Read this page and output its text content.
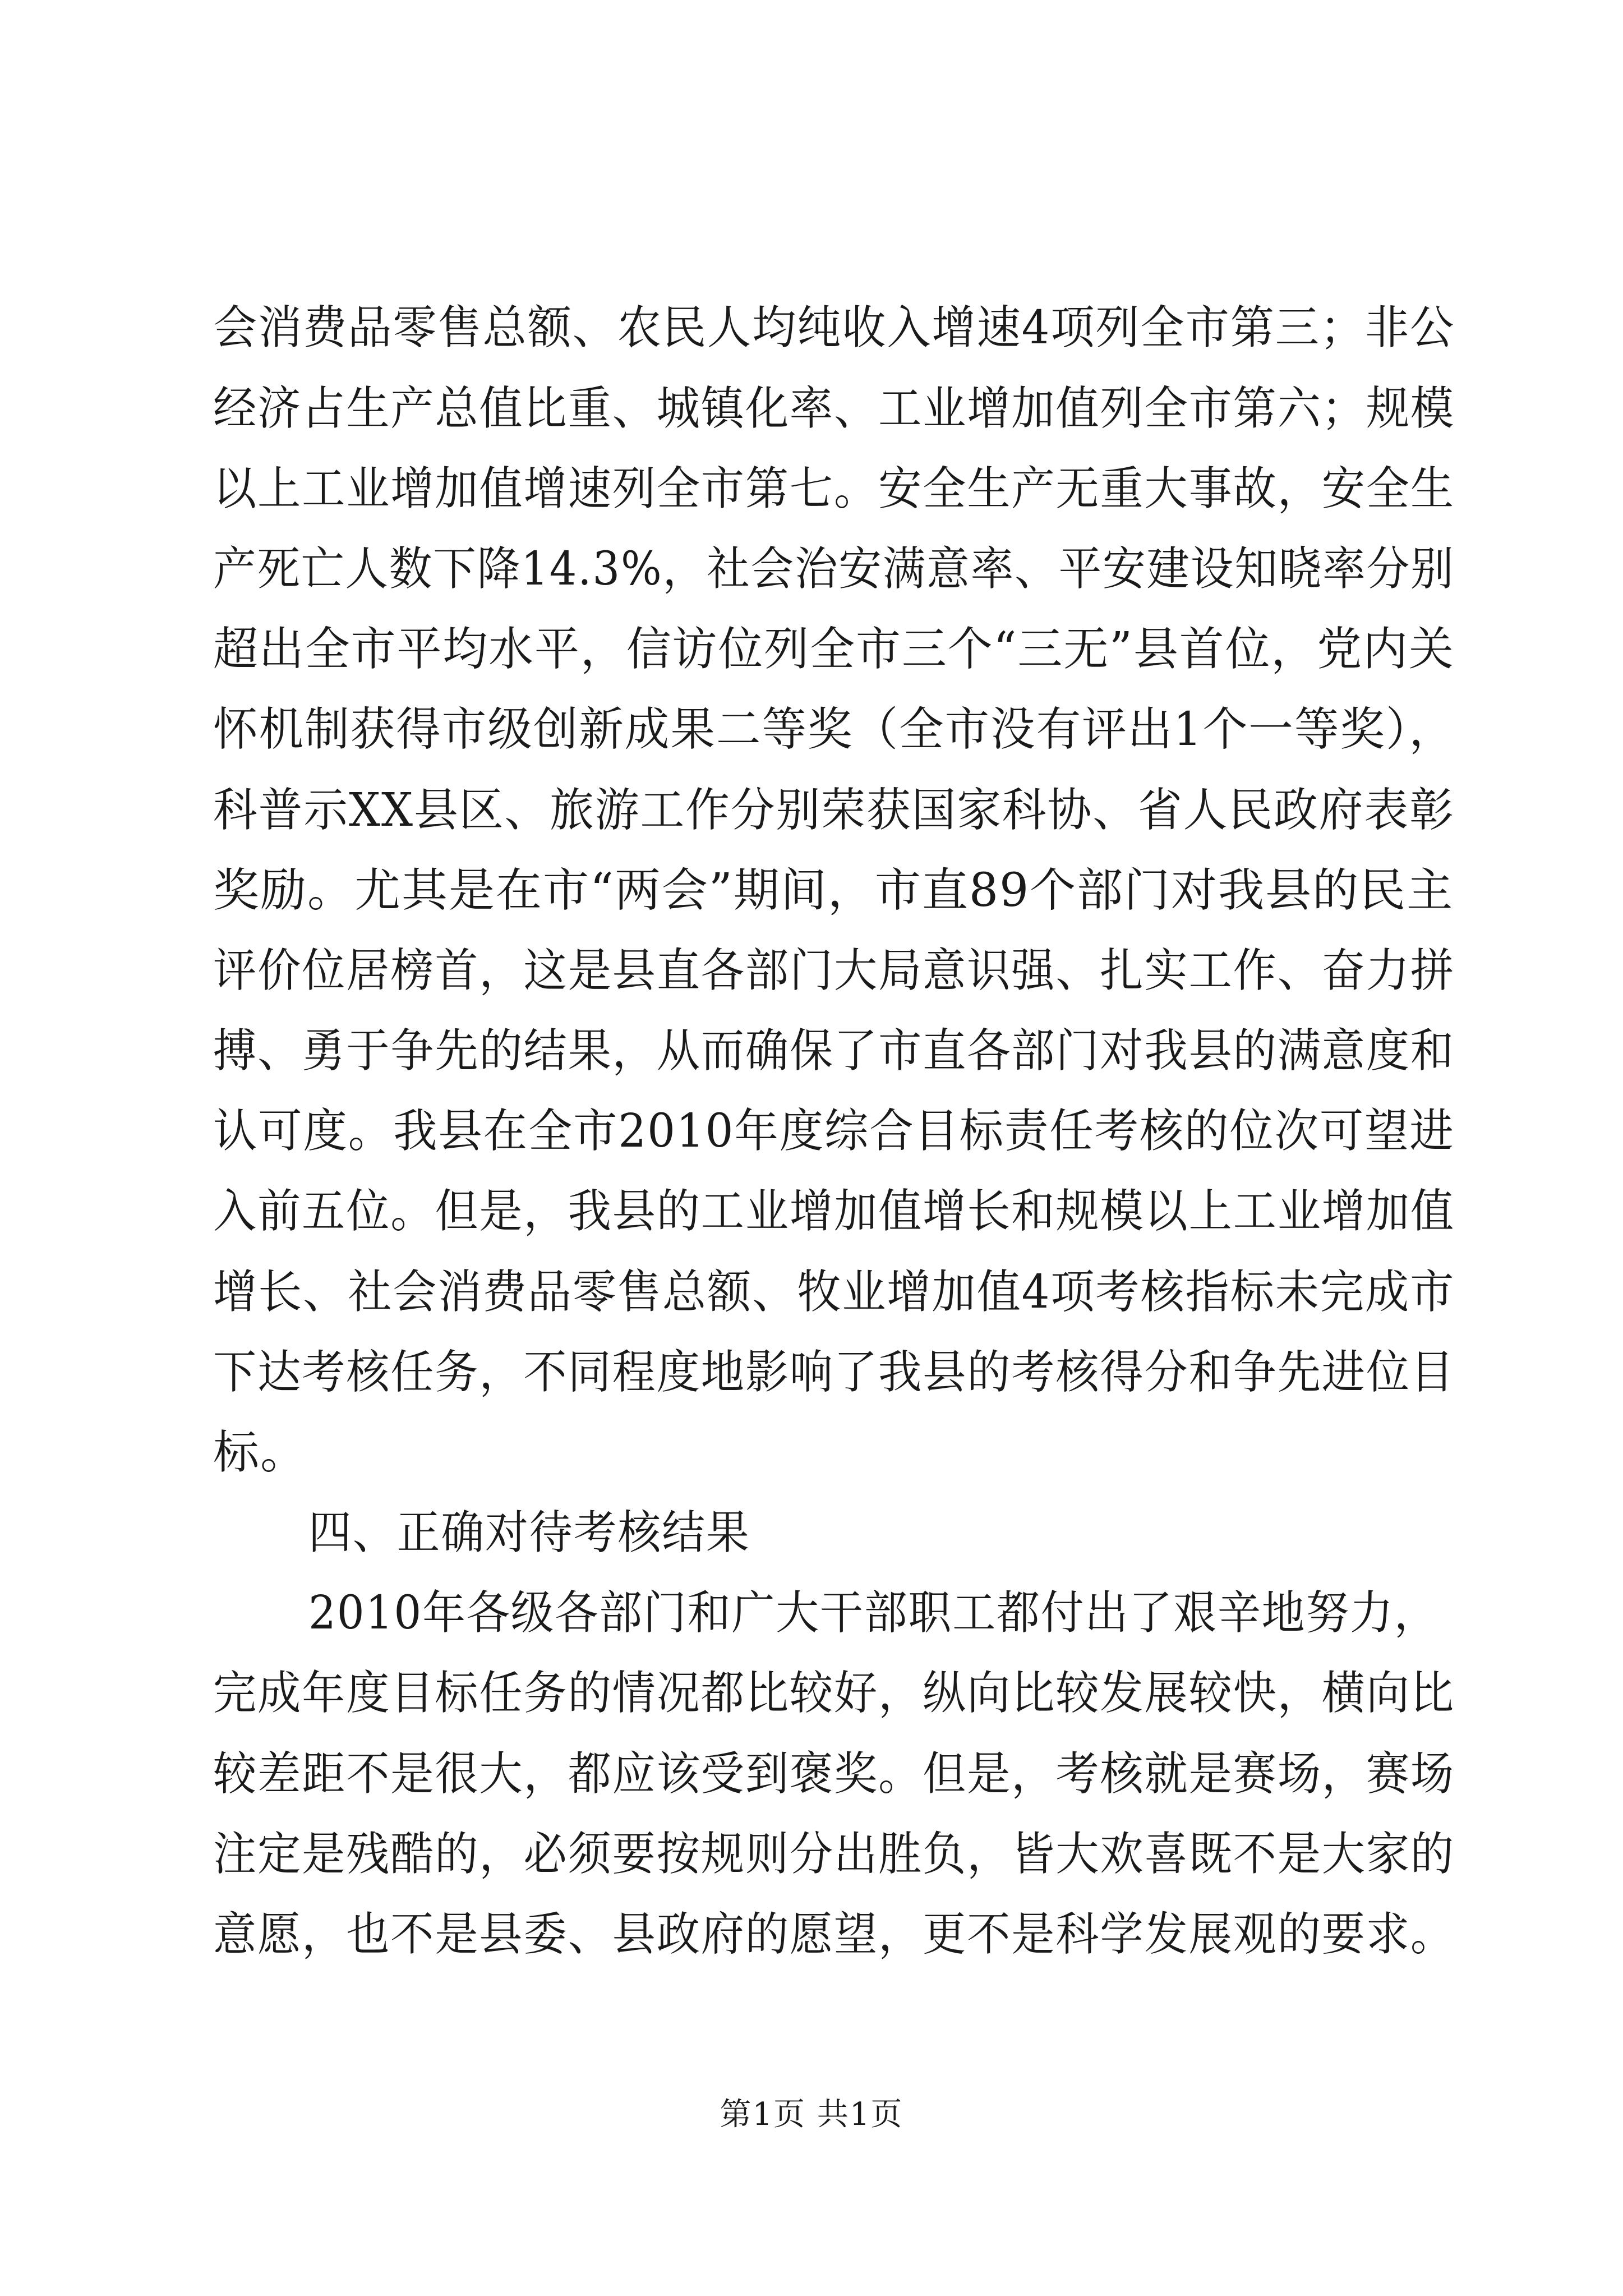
会消费品零售总额、农民人均纯收入增速4项列全市第三；非公
经济占生产总值比重、城镇化率、工业增加值列全市第六；规模
以上工业增加值增速列全市第七。安全生产无重大事故，安全生
产死亡人数下降14.3%，社会治安满意率、平安建设知晓率分别
超出全市平均水平，信访位列全市三个“三无”县首位，党内关
怀机制获得市级创新成果二等奖（全市没有评出1个一等奖），
科普示XX县区、旅游工作分别荣获国家科协、省人民政府表彰
奖励。尤其是在市“两会”期间，市直89个部门对我县的民主
评价位居榜首，这是县直各部门大局意识强、扎实工作、奋力拼
搏、勇于争先的结果，从而确保了市直各部门对我县的满意度和
认可度。我县在全市2010年度综合目标责任考核的位次可望进
入前五位。但是，我县的工业增加值增长和规模以上工业增加值
增长、社会消费品零售总额、牧业增加值4项考核指标未完成市
下达考核任务，不同程度地影响了我县的考核得分和争先进位目
标。
四、正确对待考核结果
2010年各级各部门和广大干部职工都付出了艰辛地努力，
完成年度目标任务的情况都比较好，纵向比较发展较快，横向比
较差距不是很大，都应该受到褒奖。但是，考核就是赛场，赛场
注定是残酷的，必须要按规则分出胜负，皆大欢喜既不是大家的
意愿，也不是县委、县政府的愿望，更不是科学发展观的要求。
第1页 共1页
